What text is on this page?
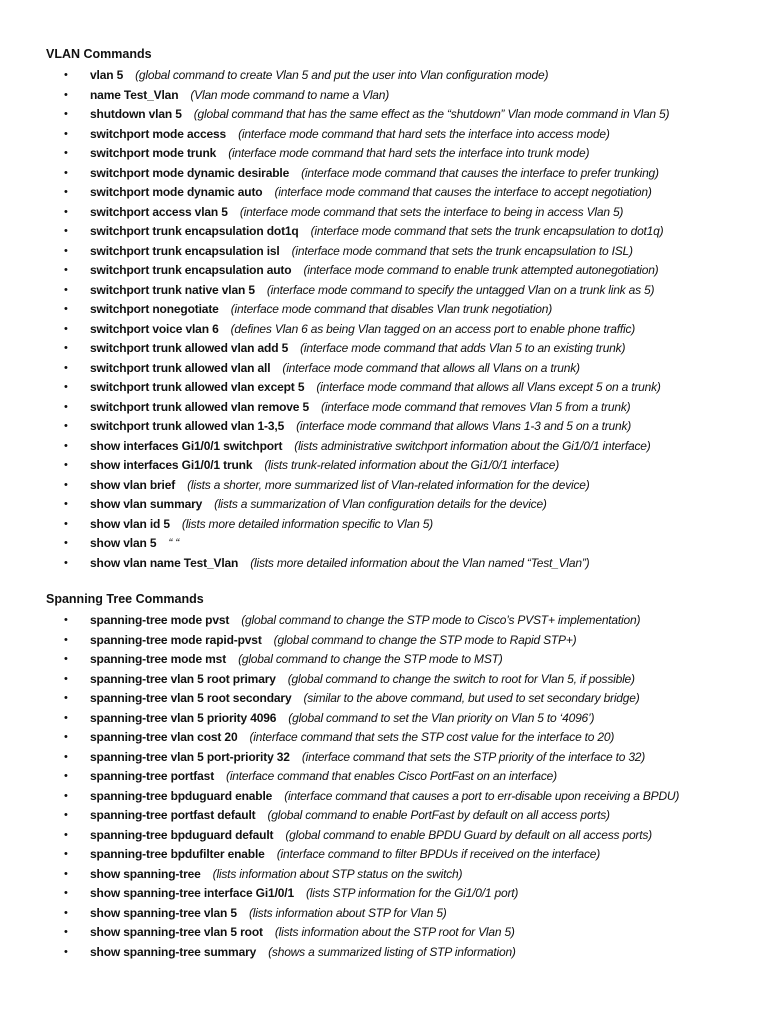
VLAN Commands
• vlan 5 (global command to create Vlan 5 and put the user into Vlan configuration mode)
• name Test_Vlan (Vlan mode command to name a Vlan)
• shutdown vlan 5 (global command that has the same effect as the “shutdown” Vlan mode command in Vlan 5)
• switchport mode access (interface mode command that hard sets the interface into access mode)
• switchport mode trunk (interface mode command that hard sets the interface into trunk mode)
• switchport mode dynamic desirable (interface mode command that causes the interface to prefer trunking)
• switchport mode dynamic auto (interface mode command that causes the interface to accept negotiation)
• switchport access vlan 5 (interface mode command that sets the interface to being in access Vlan 5)
• switchport trunk encapsulation dot1q (interface mode command that sets the trunk encapsulation to dot1q)
• switchport trunk encapsulation isl (interface mode command that sets the trunk encapsulation to ISL)
• switchport trunk encapsulation auto (interface mode command to enable trunk attempted autonegotiation)
• switchport trunk native vlan 5 (interface mode command to specify the untagged Vlan on a trunk link as 5)
• switchport nonegotiate (interface mode command that disables Vlan trunk negotiation)
• switchport voice vlan 6 (defines Vlan 6 as being Vlan tagged on an access port to enable phone traffic)
• switchport trunk allowed vlan add 5 (interface mode command that adds Vlan 5 to an existing trunk)
• switchport trunk allowed vlan all (interface mode command that allows all Vlans on a trunk)
• switchport trunk allowed vlan except 5 (interface mode command that allows all Vlans except 5 on a trunk)
• switchport trunk allowed vlan remove 5 (interface mode command that removes Vlan 5 from a trunk)
• switchport trunk allowed vlan 1-3,5 (interface mode command that allows Vlans 1-3 and 5 on a trunk)
• show interfaces Gi1/0/1 switchport (lists administrative switchport information about the Gi1/0/1 interface)
• show interfaces Gi1/0/1 trunk (lists trunk-related information about the Gi1/0/1 interface)
• show vlan brief (lists a shorter, more summarized list of Vlan-related information for the device)
• show vlan summary (lists a summarization of Vlan configuration details for the device)
• show vlan id 5 (lists more detailed information specific to Vlan 5)
• show vlan 5 “ “
• show vlan name Test_Vlan (lists more detailed information about the Vlan named “Test_Vlan”)
Spanning Tree Commands
• spanning-tree mode pvst (global command to change the STP mode to Cisco’s PVST+ implementation)
• spanning-tree mode rapid-pvst (global command to change the STP mode to Rapid STP+)
• spanning-tree mode mst (global command to change the STP mode to MST)
• spanning-tree vlan 5 root primary (global command to change the switch to root for Vlan 5, if possible)
• spanning-tree vlan 5 root secondary (similar to the above command, but used to set secondary bridge)
• spanning-tree vlan 5 priority 4096 (global command to set the Vlan priority on Vlan 5 to ‘4096’)
• spanning-tree vlan cost 20 (interface command that sets the STP cost value for the interface to 20)
• spanning-tree vlan 5 port-priority 32 (interface command that sets the STP priority of the interface to 32)
• spanning-tree portfast (interface command that enables Cisco PortFast on an interface)
• spanning-tree bpduguard enable (interface command that causes a port to err-disable upon receiving a BPDU)
• spanning-tree portfast default (global command to enable PortFast by default on all access ports)
• spanning-tree bpduguard default (global command to enable BPDU Guard by default on all access ports)
• spanning-tree bpdufilter enable (interface command to filter BPDUs if received on the interface)
• show spanning-tree (lists information about STP status on the switch)
• show spanning-tree interface Gi1/0/1 (lists STP information for the Gi1/0/1 port)
• show spanning-tree vlan 5 (lists information about STP for Vlan 5)
• show spanning-tree vlan 5 root (lists information about the STP root for Vlan 5)
• show spanning-tree summary (shows a summarized listing of STP information)
